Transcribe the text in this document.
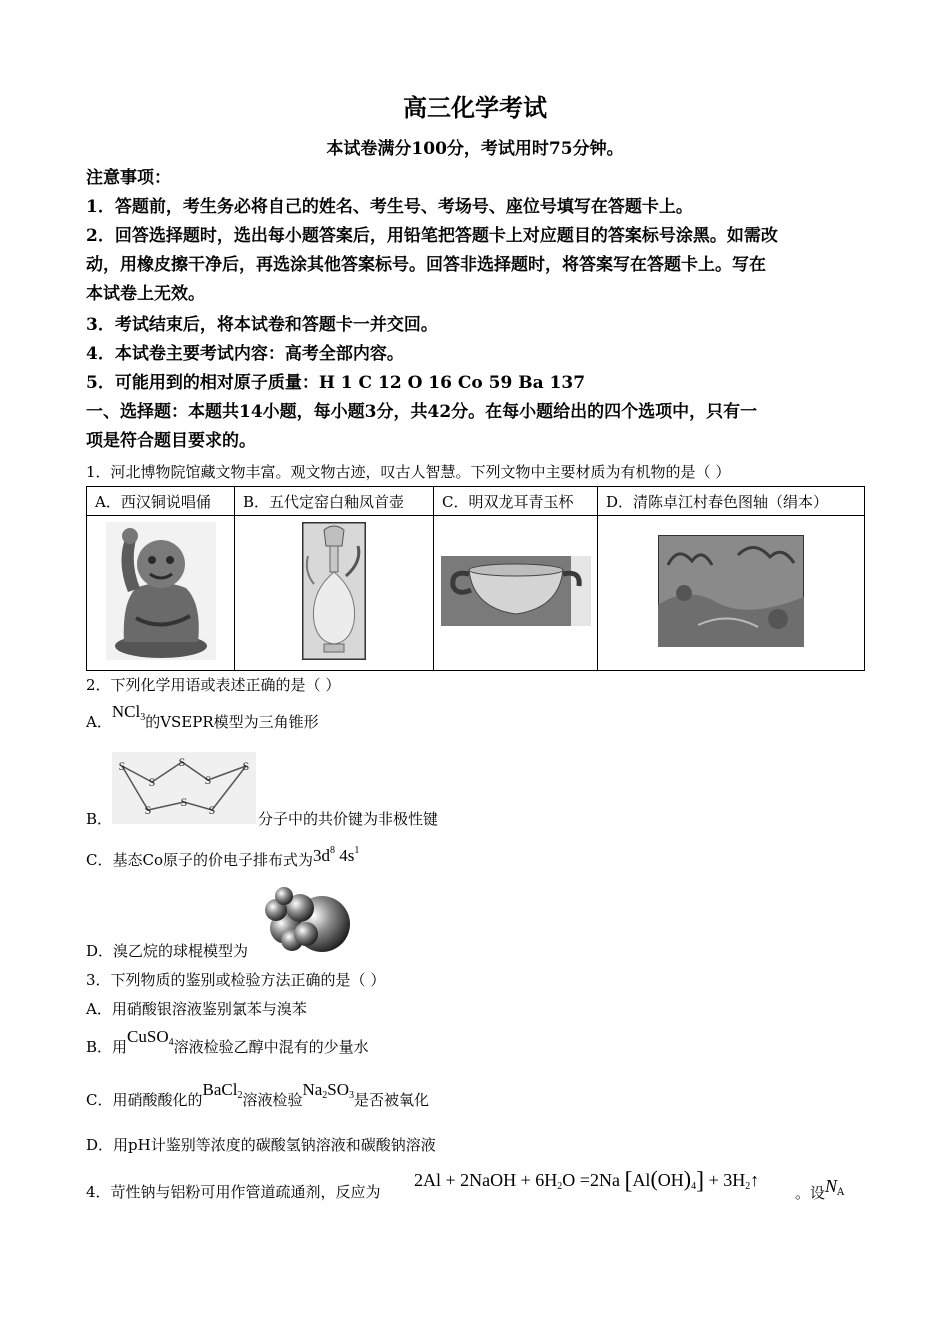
高三化学考试
本试卷满分100分，考试用时75分钟。
注意事项：
1．答题前，考生务必将自己的姓名、考生号、考场号、座位号填写在答题卡上。
2．回答选择题时，选出每小题答案后，用铅笔把答题卡上对应题目的答案标号涂黑。如需改
动，用橡皮擦干净后，再选涂其他答案标号。回答非选择题时，将答案写在答题卡上。写在
本试卷上无效。
3．考试结束后，将本试卷和答题卡一并交回。
4．本试卷主要考试内容：高考全部内容。
5．可能用到的相对原子质量：H 1 C 12 O 16 Co 59 Ba 137
一、选择题：本题共14小题，每小题3分，共42分。在每小题给出的四个选项中，只有一
项是符合题目要求的。
1．河北博物院馆藏文物丰富。观文物古迹，叹古人智慧。下列文物中主要材质为有机物的是（ ）
A．西汉铜说唱俑	B．五代定窑白釉凤首壶	C．明双龙耳青玉杯	D．清陈卓江村春色图轴（绢本）

2．下列化学用语或表述正确的是（ ）
A．NCl$_3$的VSEPR模型为三角锥形
B．
S
S
S
S
S
S
S
S	分子中的共价键为非极性键
C．基态Co原子的价电子排布式为$3d^8$ $4s^1$
D．溴乙烷的球棍模型为
3．下列物质的鉴别或检验方法正确的是（ ）
A．用硝酸银溶液鉴别氯苯与溴苯
B．用CuSO$_4$溶液检验乙醇中混有的少量水
C．用硝酸酸化的BaCl$_2$溶液检验$Na_2SO_3$是否被氧化
D．用pH计鉴别等浓度的碳酸氢钠溶液和碳酸钠溶液
4．苛性钠与铝粉可用作管道疏通剂，反应为
2Al + 2NaOH + $6H_2O =2Na$ $[Al(OH)_4]$ + $3H_2↑$
。设$N^A$
